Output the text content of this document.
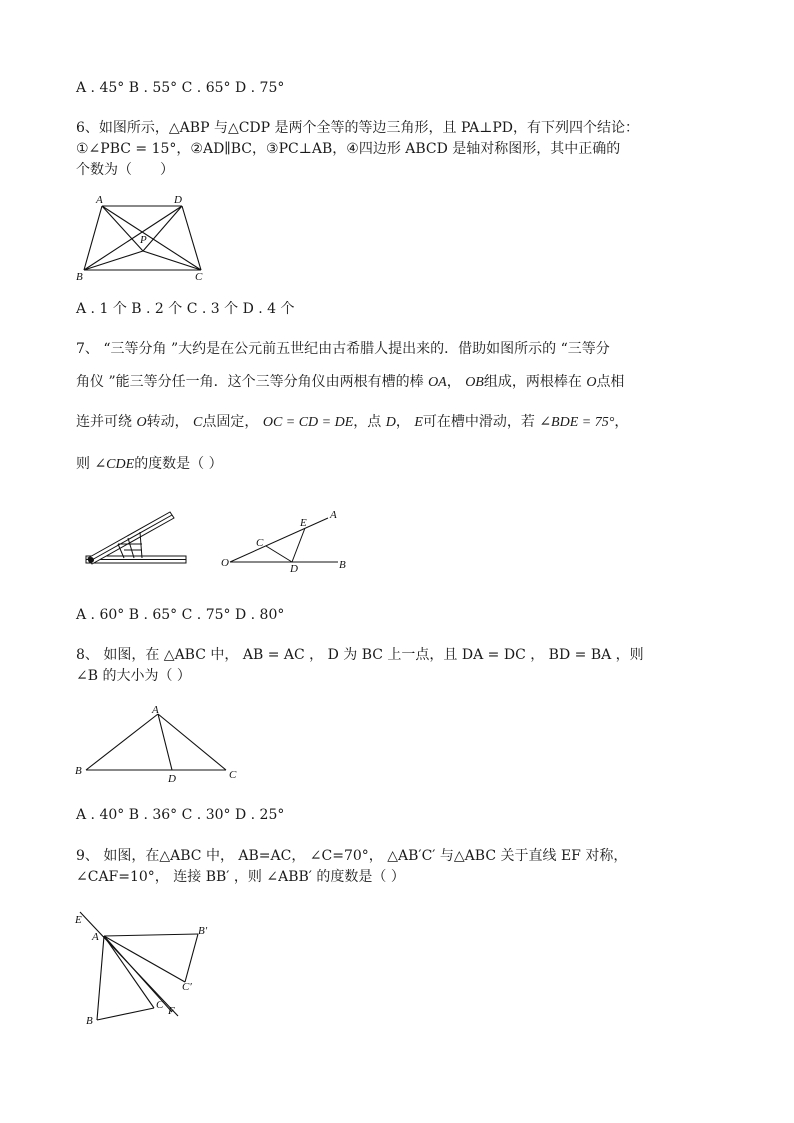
A . 45° B . 55° C . 65° D . 75°
6、如图所示，△ABP 与△CDP 是两个全等的等边三角形，且 PA⊥PD，有下列四个结论：
①∠PBC = 15°，②AD∥BC，③PC⊥AB，④四边形 ABCD 是轴对称图形，其中正确的
个数为（　　）
A	D
P
B	C
A . 1 个 B . 2 个 C . 3 个 D . 4 个
7、 “三等分角 ”大约是在公元前五世纪由古希腊人提出来的．借助如图所示的 “三等分
角仪 ”能三等分任一角．这个三等分角仪由两根有槽的棒 OA， OB组成，两根棒在 O点相
连并可绕 O转动， C点固定， OC = CD = DE，点 D， E可在槽中滑动，若 ∠BDE = 75°，
则 ∠CDE的度数是（ ）
O
C
D
E
A
B
A . 60° B . 65° C . 75° D . 80°
8、 如图，在 △ABC 中， AB = AC ， D 为 BC 上一点，且 DA = DC ， BD = BA ，则
∠B 的大小为（ ）
A
B
D	C
A . 40° B . 36° C . 30° D . 25°
9、 如图，在△ABC 中， AB=AC， ∠C=70°， △AB′C′ 与△ABC 关于直线 EF 对称，
∠CAF=10°， 连接 BB′ ，则 ∠ABB′ 的度数是（ ）
E
A	B′
C′
C F
B
